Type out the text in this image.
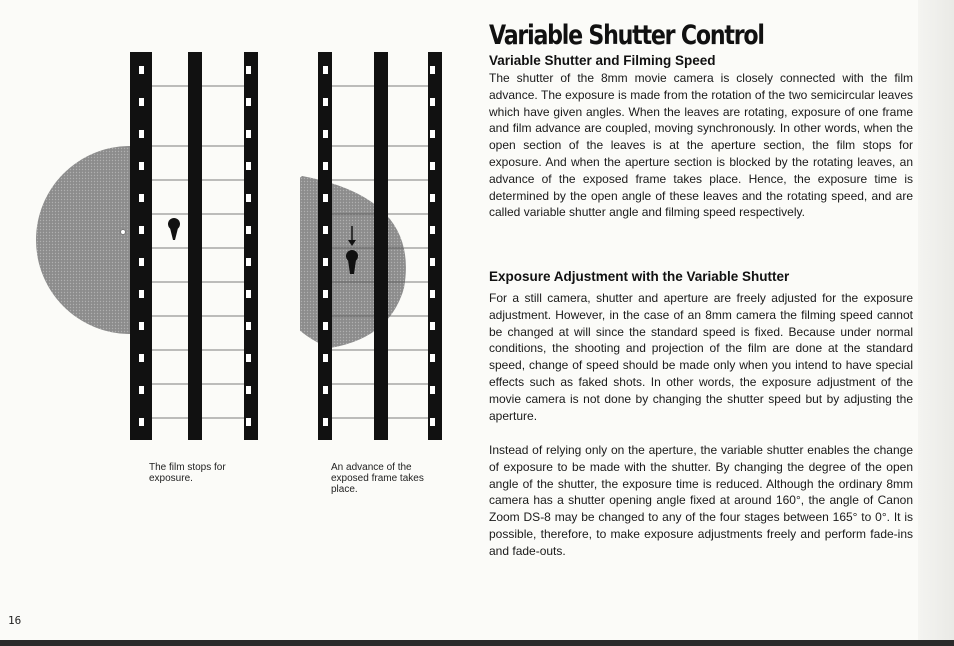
The film stops for exposure.
An advance of the exposed frame takes place.
Variable Shutter Control
Variable Shutter and Filming Speed
The shutter of the 8mm movie camera is closely connected with the film advance. The exposure is made from the rotation of the two semicircular leaves which have given angles. When the leaves are rotating, exposure of one frame and film advance are coupled, moving synchronously. In other words, when the open section of the leaves is at the aperture section, the film stops for exposure. And when the aperture section is blocked by the rotating leaves, an advance of the exposed frame takes place. Hence, the exposure time is determined by the open angle of these leaves and the rotating speed, and are called variable shutter angle and filming speed respectively.
Exposure Adjustment with the Variable Shutter
For a still camera, shutter and aperture are freely adjusted for the exposure adjustment. However, in the case of an 8mm camera the filming speed cannot be changed at will since the standard speed is fixed. Because under normal conditions, the shooting and projection of the film are done at the standard speed, change of speed should be made only when you intend to have special effects such as faked shots. In other words, the exposure adjustment of the movie camera is not done by changing the shutter speed but by adjusting the aperture.
Instead of relying only on the aperture, the variable shutter enables the change of exposure to be made with the shutter. By changing the degree of the open angle of the shutter, the exposure time is reduced. Although the ordinary 8mm camera has a shutter opening angle fixed at around 160°, the angle of Canon Zoom DS-8 may be changed to any of the four stages between 165° to 0°. It is possible, therefore, to make exposure adjustments freely and perform fade-ins and fade-outs.
16
